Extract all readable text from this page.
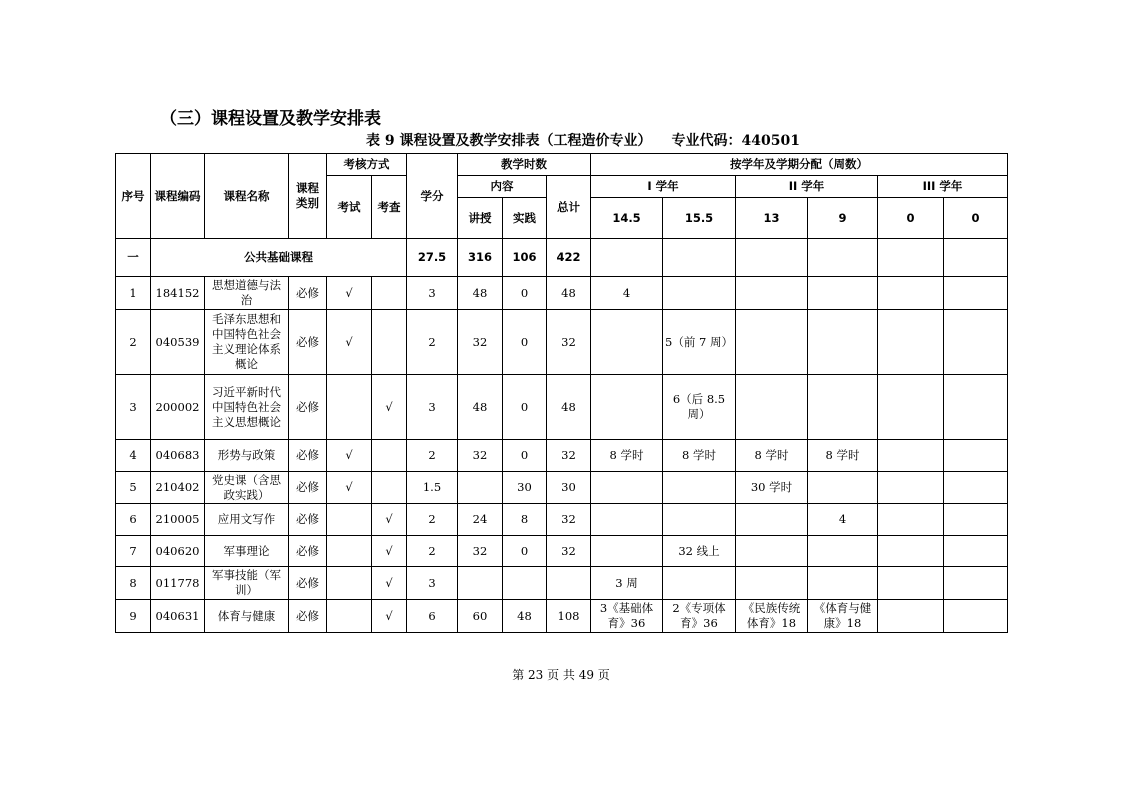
（三）课程设置及教学安排表
表 9 课程设置及教学安排表（工程造价专业） 专业代码：440501
序号	课程编码	课程名称	课程类别	考核方式		学分	教学时数			按学年及学期分配（周数）					
				考试	考查		内容		总计	I 学年		II 学年		III 学年	
							讲授	实践		14.5	15.5	13	9	0	0
一	公共基础课程					27.5	316	106	422						
1	184152	思想道德与法治	必修	√		3	48	0	48	4					
2	040539	毛泽东思想和中国特色社会主义理论体系概论	必修	√		2	32	0	32		5（前 7 周）				
3	200002	习近平新时代中国特色社会主义思想概论	必修		√	3	48	0	48		6（后 8.5 周）				
4	040683	形势与政策	必修	√		2	32	0	32	8 学时	8 学时	8 学时	8 学时		
5	210402	党史课（含思政实践）	必修	√		1.5		30	30			30 学时			
6	210005	应用文写作	必修		√	2	24	8	32				4		
7	040620	军事理论	必修		√	2	32	0	32		32 线上				
8	011778	军事技能（军训）	必修		√	3				3 周					
9	040631	体育与健康	必修		√	6	60	48	108	3《基础体育》36	2《专项体育》36	《民族传统体育》18	《体育与健康》18		
第 23 页 共 49 页
